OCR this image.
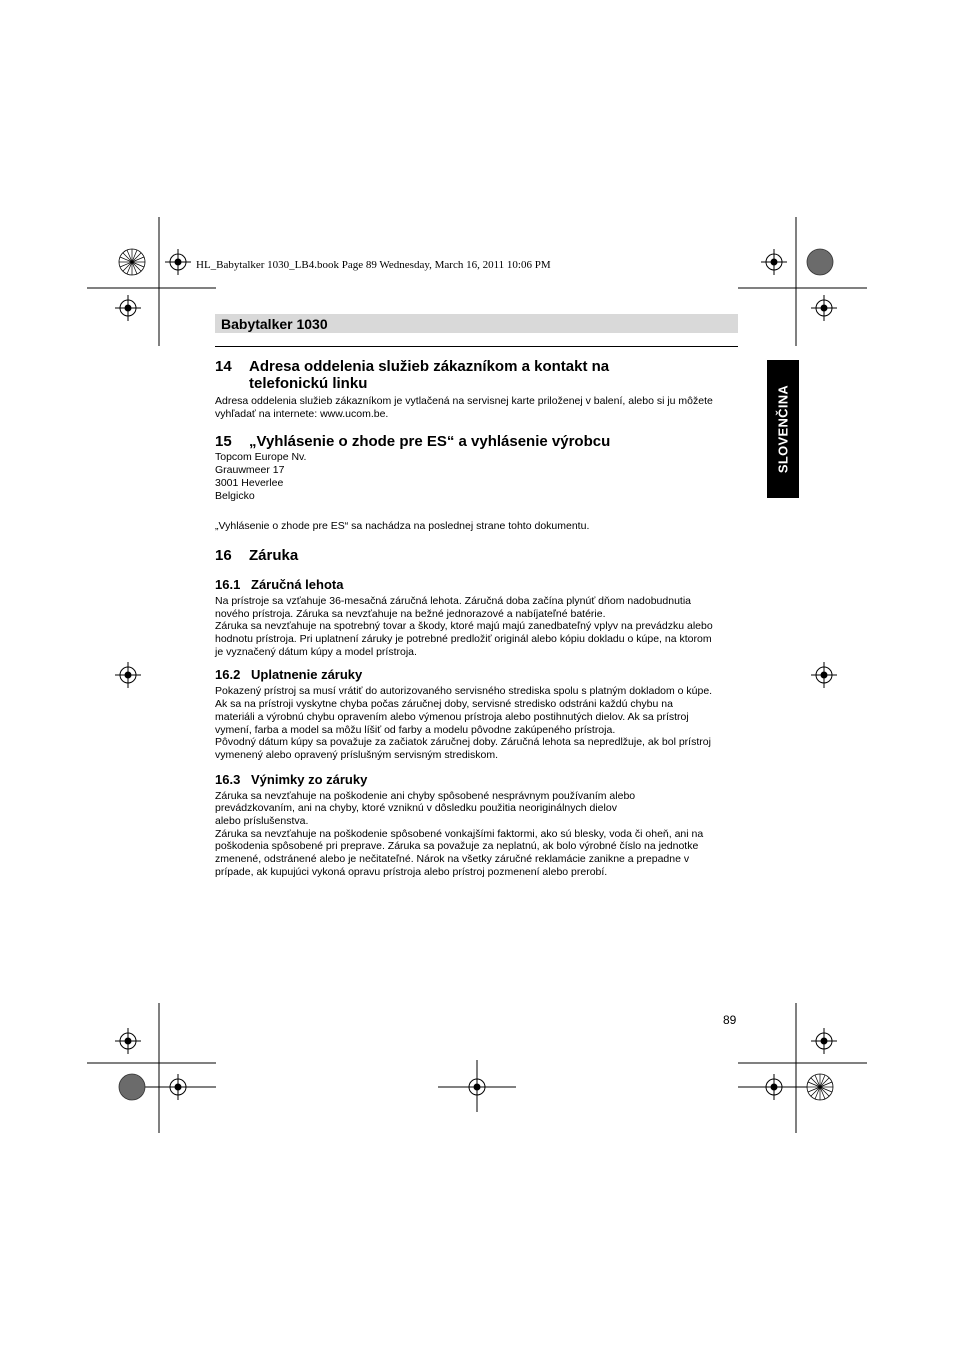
HL_Babytalker 1030_LB4.book Page 89 Wednesday, March 16, 2011 10:06 PM
Babytalker 1030
SLOVENČINA
14	Adresa oddelenia služieb zákazníkom a kontakt na
telefonickú linku

Adresa oddelenia služieb zákazníkom je vytlačená na servisnej karte priloženej v balení, alebo si ju môžete

vyhľadať na internete: www.ucom.be.

15	„Vyhlásenie o zhode pre ES“ a vyhlásenie výrobcu

Topcom Europe Nv.

Grauwmeer 17

3001 Heverlee

Belgicko

„Vyhlásenie o zhode pre ES“ sa nachádza na poslednej strane tohto dokumentu.

16	Záruka
16.1 Záručná lehota

Na prístroje sa vzťahuje 36-mesačná záručná lehota. Záručná doba začína plynúť dňom nadobudnutia

nového prístroja. Záruka sa nevzťahuje na bežné jednorazové a nabíjateľné batérie.

Záruka sa nevzťahuje na spotrebný tovar a škody, ktoré majú majú zanedbateľný vplyv na prevádzku alebo

hodnotu prístroja. Pri uplatnení záruky je potrebné predložiť originál alebo kópiu dokladu o kúpe, na ktorom

je vyznačený dátum kúpy a model prístroja.

16.2 Uplatnenie záruky

Pokazený prístroj sa musí vrátiť do autorizovaného servisného strediska spolu s platným dokladom o kúpe.

Ak sa na prístroji vyskytne chyba počas záručnej doby, servisné stredisko odstráni každú chybu na

materiáli a výrobnú chybu opravením alebo výmenou prístroja alebo postihnutých dielov. Ak sa prístroj

vymení, farba a model sa môžu líšiť od farby a modelu pôvodne zakúpeného prístroja.

Pôvodný dátum kúpy sa považuje za začiatok záručnej doby. Záručná lehota sa nepredlžuje, ak bol prístroj

vymenený alebo opravený príslušným servisným strediskom.

16.3 Výnimky zo záruky

Záruka sa nevzťahuje na poškodenie ani chyby spôsobené nesprávnym používaním alebo

prevádzkovaním, ani na chyby, ktoré vzniknú v dôsledku použitia neoriginálnych dielov

alebo príslušenstva.

Záruka sa nevzťahuje na poškodenie spôsobené vonkajšími faktormi, ako sú blesky, voda či oheň, ani na

poškodenia spôsobené pri preprave. Záruka sa považuje za neplatnú, ak bolo výrobné číslo na jednotke

zmenené, odstránené alebo je nečitateľné. Nárok na všetky záručné reklamácie zanikne a prepadne v

prípade, ak kupujúci vykoná opravu prístroja alebo prístroj pozmenení alebo prerobí.

89
